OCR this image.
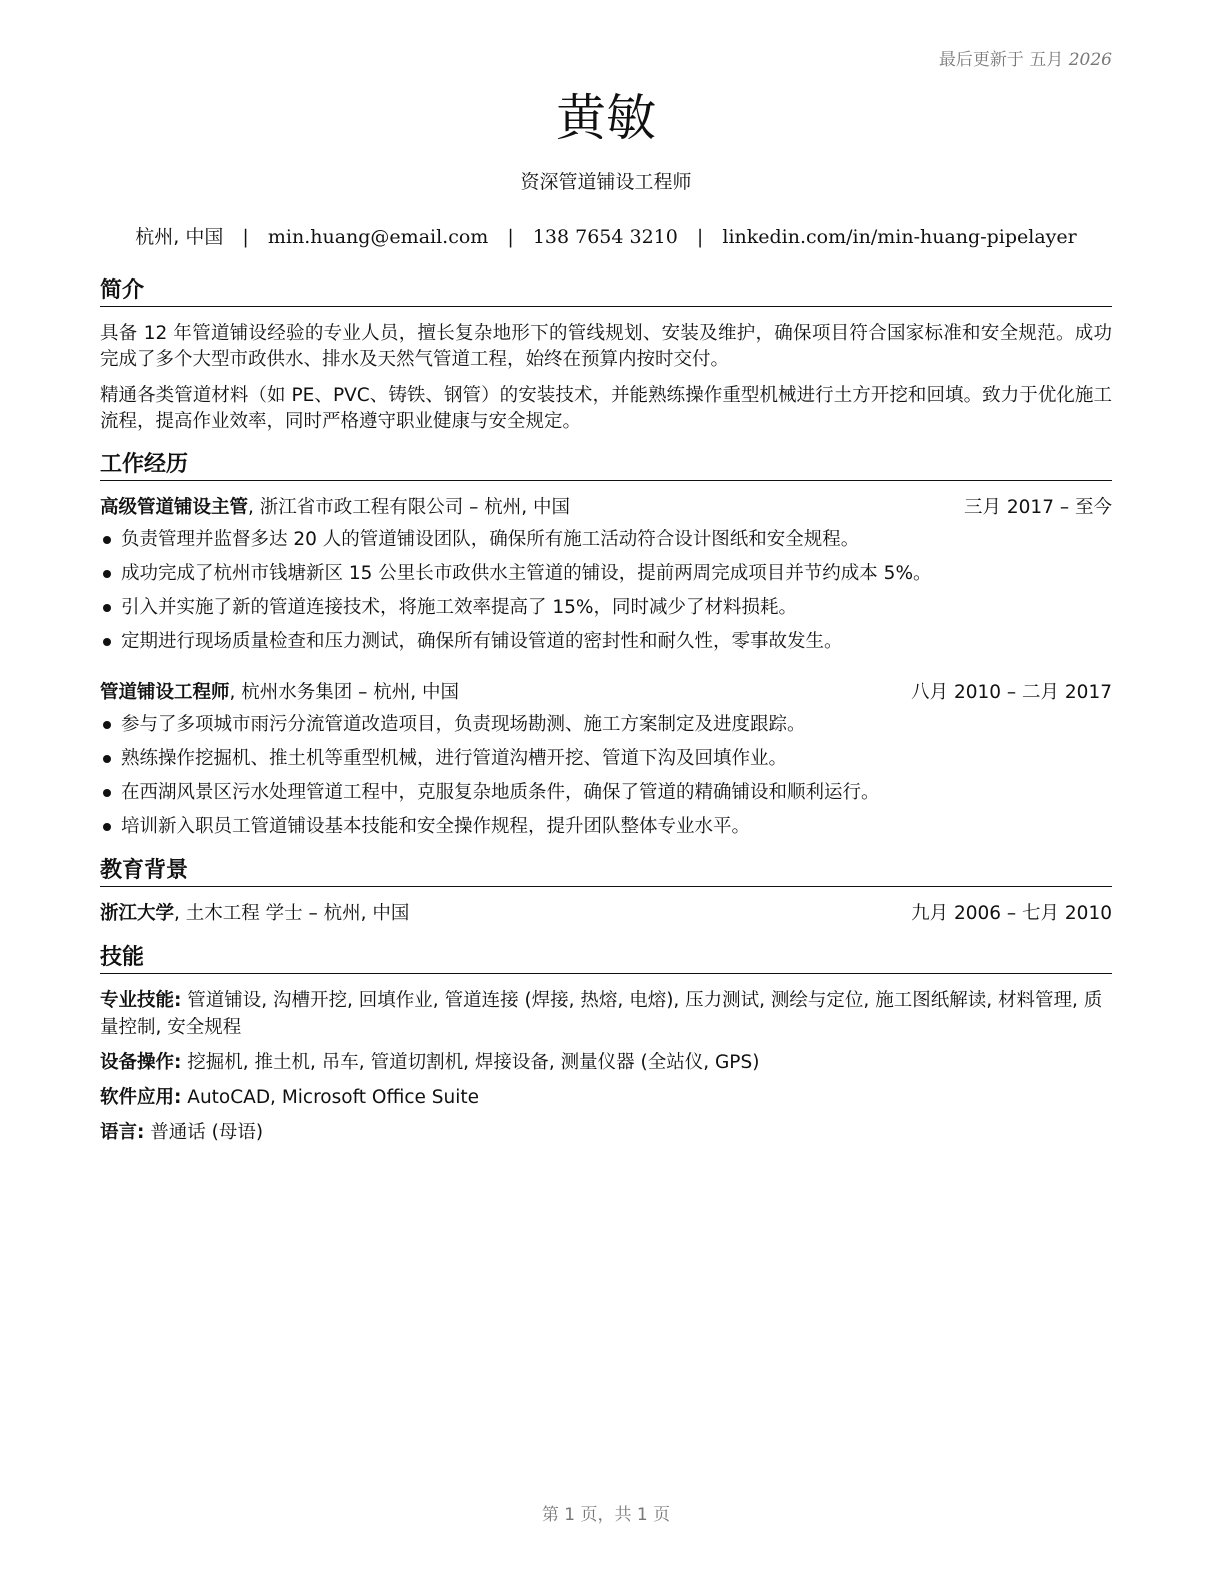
最后更新于 五月 2026
黄敏
资深管道铺设工程师
杭州, 中国 | min.huang@email.com | 138 7654 3210 | linkedin.com/in/min-huang-pipelayer
简介
具备 12 年管道铺设经验的专业人员，擅长复杂地形下的管线规划、安装及维护，确保项目符合国家标准和安全规范。成功完成了多个大型市政供水、排水及天然气管道工程，始终在预算内按时交付。
精通各类管道材料（如 PE、PVC、铸铁、钢管）的安装技术，并能熟练操作重型机械进行土方开挖和回填。致力于优化施工流程，提高作业效率，同时严格遵守职业健康与安全规定。
工作经历
高级管道铺设主管, 浙江省市政工程有限公司 – 杭州, 中国	三月 2017 – 至今
负责管理并监督多达 20 人的管道铺设团队，确保所有施工活动符合设计图纸和安全规程。
成功完成了杭州市钱塘新区 15 公里长市政供水主管道的铺设，提前两周完成项目并节约成本 5%。
引入并实施了新的管道连接技术，将施工效率提高了 15%，同时减少了材料损耗。
定期进行现场质量检查和压力测试，确保所有铺设管道的密封性和耐久性，零事故发生。
管道铺设工程师, 杭州水务集团 – 杭州, 中国	八月 2010 – 二月 2017
参与了多项城市雨污分流管道改造项目，负责现场勘测、施工方案制定及进度跟踪。
熟练操作挖掘机、推土机等重型机械，进行管道沟槽开挖、管道下沟及回填作业。
在西湖风景区污水处理管道工程中，克服复杂地质条件，确保了管道的精确铺设和顺利运行。
培训新入职员工管道铺设基本技能和安全操作规程，提升团队整体专业水平。
教育背景
浙江大学, 土木工程 学士 – 杭州, 中国	九月 2006 – 七月 2010
技能
专业技能: 管道铺设, 沟槽开挖, 回填作业, 管道连接 (焊接, 热熔, 电熔), 压力测试, 测绘与定位, 施工图纸解读, 材料管理, 质量控制, 安全规程
设备操作: 挖掘机, 推土机, 吊车, 管道切割机, 焊接设备, 测量仪器 (全站仪, GPS)
软件应用: AutoCAD, Microsoft Office Suite
语言: 普通话 (母语)
第 1 页，共 1 页
